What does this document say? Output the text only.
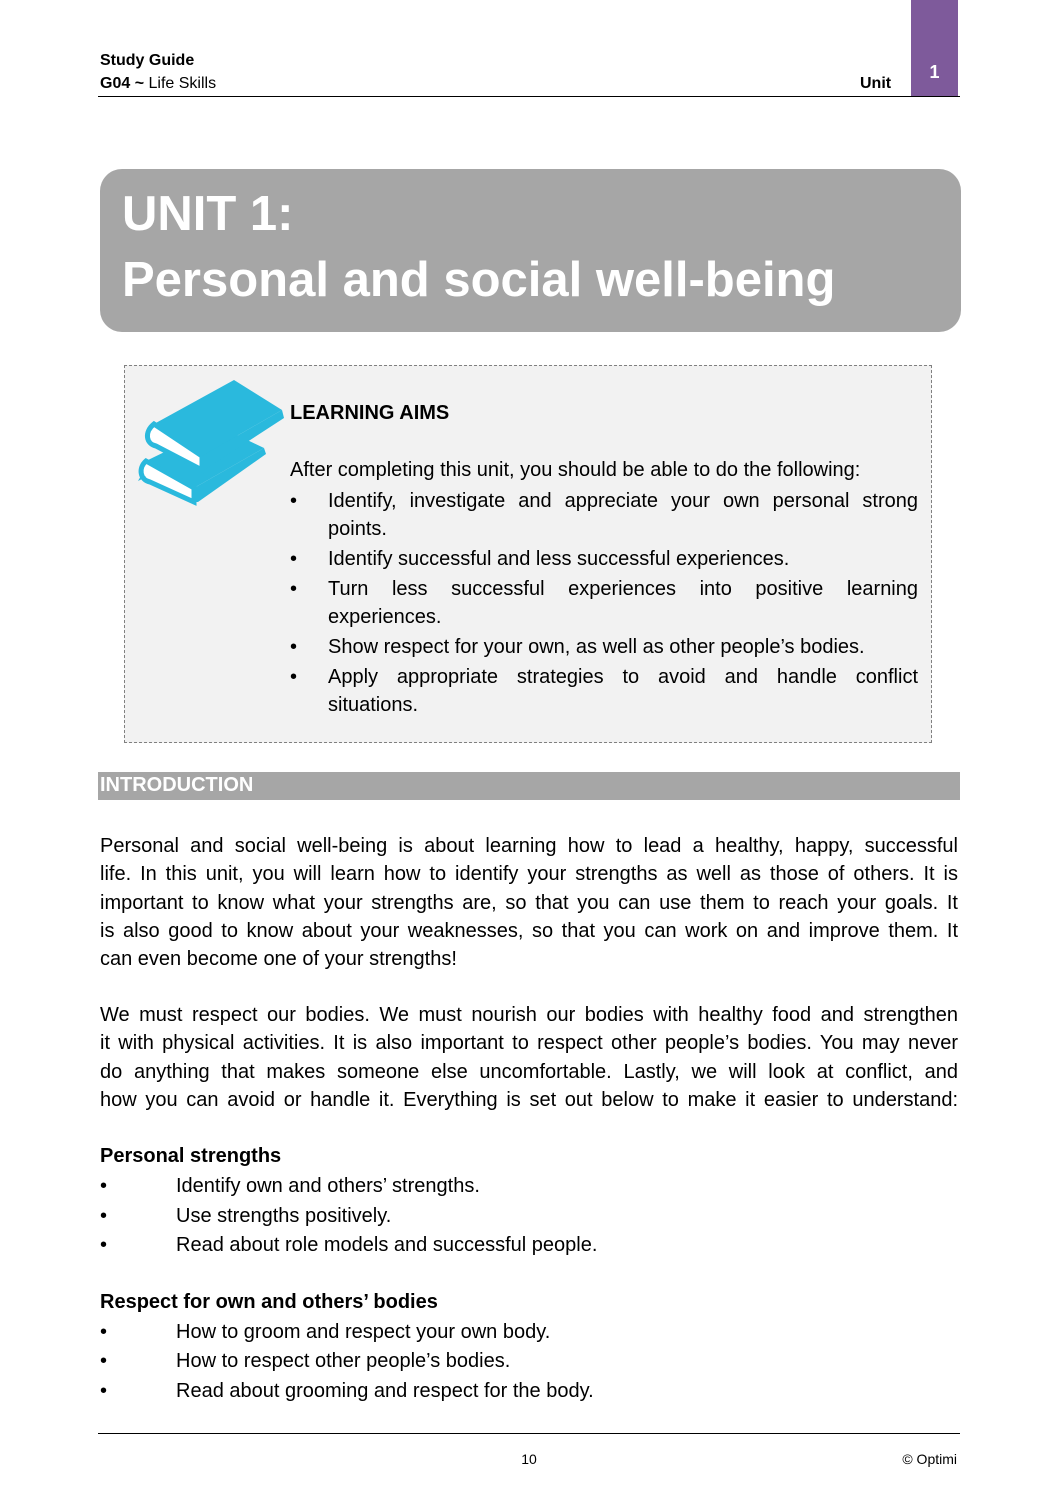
Study Guide
G04 ~ Life Skills	Unit
1
UNIT 1:
Personal and social well-being
LEARNING AIMS
After completing this unit, you should be able to do the following:
•	Identify, investigate and appreciate your own personal strong points.
•	Identify successful and less successful experiences.
•	Turn less successful experiences into positive learning experiences.
•	Show respect for your own, as well as other people’s bodies.
•	Apply appropriate strategies to avoid and handle conflict situations.
INTRODUCTION
Personal and social well-being is about learning how to lead a healthy, happy, successful
life. In this unit, you will learn how to identify your strengths as well as those of others. It is
important to know what your strengths are, so that you can use them to reach your goals. It
is also good to know about your weaknesses, so that you can work on and improve them. It
can even become one of your strengths!
We must respect our bodies. We must nourish our bodies with healthy food and strengthen
it with physical activities. It is also important to respect other people’s bodies. You may never
do anything that makes someone else uncomfortable. Lastly, we will look at conflict, and
how you can avoid or handle it. Everything is set out below to make it easier to understand:
Personal strengths
•	Identify own and others’ strengths.
•	Use strengths positively.
•	Read about role models and successful people.
Respect for own and others’ bodies
•	How to groom and respect your own body.
•	How to respect other people’s bodies.
•	Read about grooming and respect for the body.
10	© Optimi
